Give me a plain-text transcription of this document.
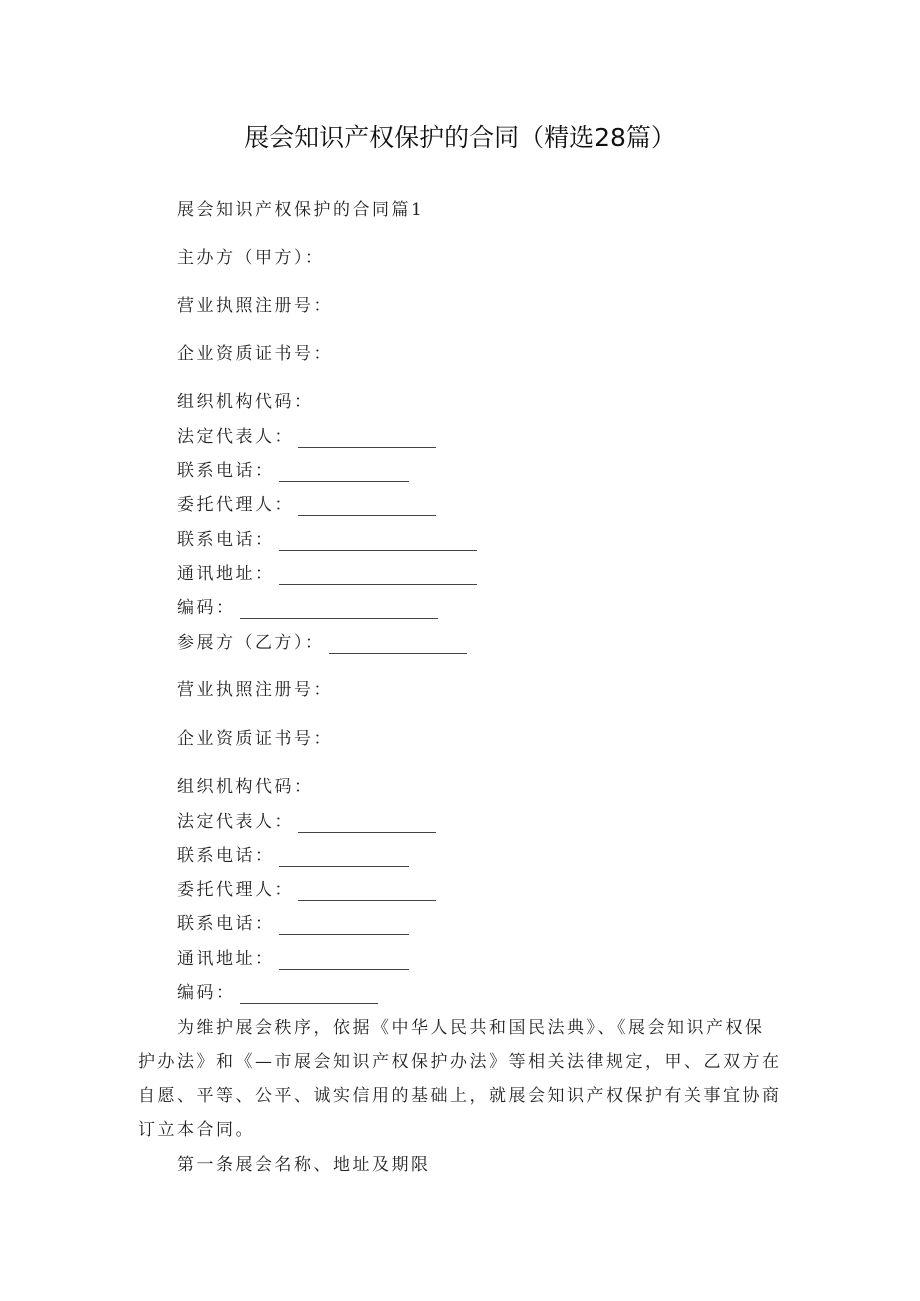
展会知识产权保护的合同（精选28篇）
展会知识产权保护的合同篇1
主办方（甲方）：
营业执照注册号：
企业资质证书号：
组织机构代码：
法定代表人：
联系电话：
委托代理人：
联系电话：
通讯地址：
编码：
参展方（乙方）：
营业执照注册号：
企业资质证书号：
组织机构代码：
法定代表人：
联系电话：
委托代理人：
联系电话：
通讯地址：
编码：
为维护展会秩序，依据《中华人民共和国民法典》、《展会知识产权保
护办法》和《—市展会知识产权保护办法》等相关法律规定，甲、乙双方在
自愿、平等、公平、诚实信用的基础上，就展会知识产权保护有关事宜协商
订立本合同。
第一条展会名称、地址及期限
